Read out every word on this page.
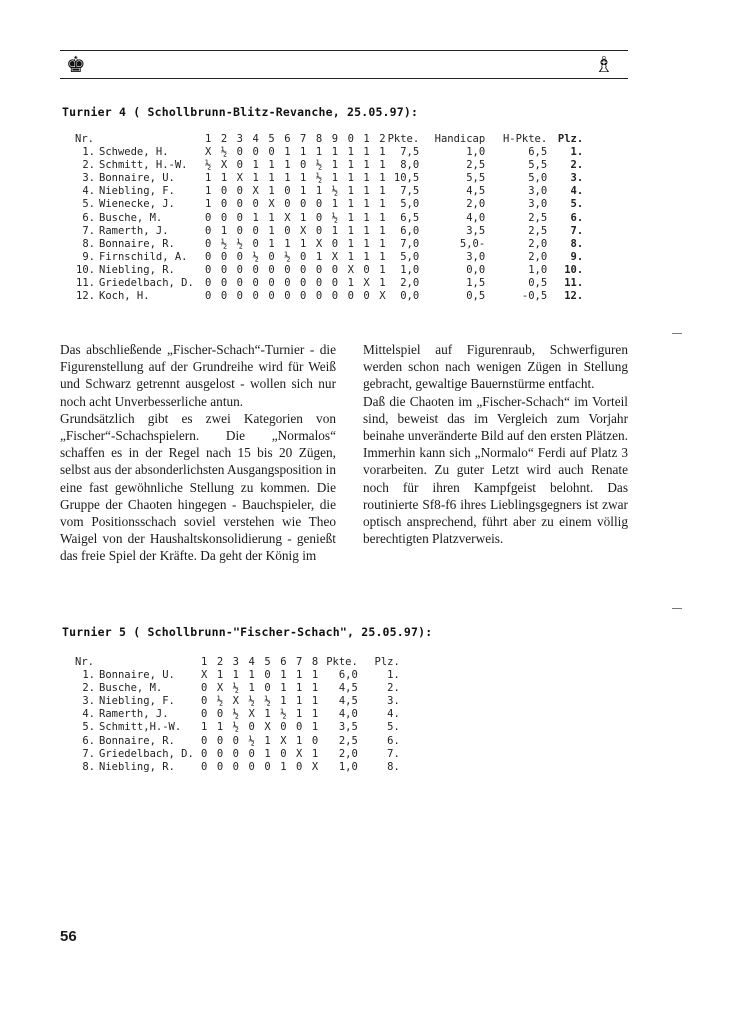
♚	♗
Turnier 4 ( Schollbrunn-Blitz-Revanche, 25.05.97):
Nr.		1 2 3 4 5 6 7 8 9 0 1 2	Pkte.	Handicap	H-Pkte.	Plz.
1.	Schwede, H.	X ½ 0 0 0 1 1 1 1 1 1 1	7,5	1,0	6,5	1.
2.	Schmitt, H.-W.	½ X 0 1 1 1 0 ½ 1 1 1 1	8,0	2,5	5,5	2.
3.	Bonnaire, U.	1 1 X 1 1 1 1 ½ 1 1 1 1	10,5	5,5	5,0	3.
4.	Niebling, F.	1 0 0 X 1 0 1 1 ½ 1 1 1	7,5	4,5	3,0	4.
5.	Wienecke, J.	1 0 0 0 X 0 0 0 1 1 1 1	5,0	2,0	3,0	5.
6.	Busche, M.	0 0 0 1 1 X 1 0 ½ 1 1 1	6,5	4,0	2,5	6.
7.	Ramerth, J.	0 1 0 0 1 0 X 0 1 1 1 1	6,0	3,5	2,5	7.
8.	Bonnaire, R.	0 ½ ½ 0 1 1 1 X 0 1 1 1	7,0	5,0-	2,0	8.
9.	Firnschild, A.	0 0 0 ½ 0 ½ 0 1 X 1 1 1	5,0	3,0	2,0	9.
10.	Niebling, R.	0 0 0 0 0 0 0 0 0 X 0 1	1,0	0,0	1,0	10.
11.	Griedelbach, D.	0 0 0 0 0 0 0 0 0 1 X 1	2,0	1,5	0,5	11.
12.	Koch, H.	0 0 0 0 0 0 0 0 0 0 0 X	0,0	0,5	-0,5	12.

Das abschließende „Fischer-Schach“-Turnier - die Figurenstellung auf der Grundreihe wird für Weiß und Schwarz getrennt ausgelost - wollen sich nur noch acht Unverbesserliche antun.

Grundsätzlich gibt es zwei Kategorien von „Fischer“-Schachspielern. Die „Normalos“ schaffen es in der Regel nach 15 bis 20 Zügen, selbst aus der absonderlichsten Ausgangsposition in eine fast gewöhnliche Stellung zu kommen. Die Gruppe der Chaoten hingegen - Bauchspieler, die vom Positionsschach soviel verstehen wie Theo Waigel von der Haushaltskonsolidierung - genießt das freie Spiel der Kräfte. Da geht der König im

Mittelspiel auf Figurenraub, Schwerfiguren werden schon nach wenigen Zügen in Stellung gebracht, gewaltige Bauernstürme entfacht.

Daß die Chaoten im „Fischer-Schach“ im Vorteil sind, beweist das im Vergleich zum Vorjahr beinahe unveränderte Bild auf den ersten Plätzen. Immerhin kann sich „Normalo“ Ferdi auf Platz 3 vorarbeiten. Zu guter Letzt wird auch Renate noch für ihren Kampfgeist belohnt. Das routinierte Sf8-f6 ihres Lieblingsgegners ist zwar optisch ansprechend, führt aber zu einem völlig berechtigten Platzverweis.

Turnier 5 ( Schollbrunn-"Fischer-Schach", 25.05.97):
Nr.		1 2 3 4 5 6 7 8	Pkte.	Plz.
1.	Bonnaire, U.	X 1 1 1 0 1 1 1	6,0	1.
2.	Busche, M.	0 X ½ 1 0 1 1 1	4,5	2.
3.	Niebling, F.	0 ½ X ½ ½ 1 1 1	4,5	3.
4.	Ramerth, J.	0 0 ½ X 1 ½ 1 1	4,0	4.
5.	Schmitt,H.-W.	1 1 ½ 0 X 0 0 1	3,5	5.
6.	Bonnaire, R.	0 0 0 ½ 1 X 1 0	2,5	6.
7.	Griedelbach, D.	0 0 0 0 1 0 X 1	2,0	7.
8.	Niebling, R.	0 0 0 0 0 1 0 X	1,0	8.
56
